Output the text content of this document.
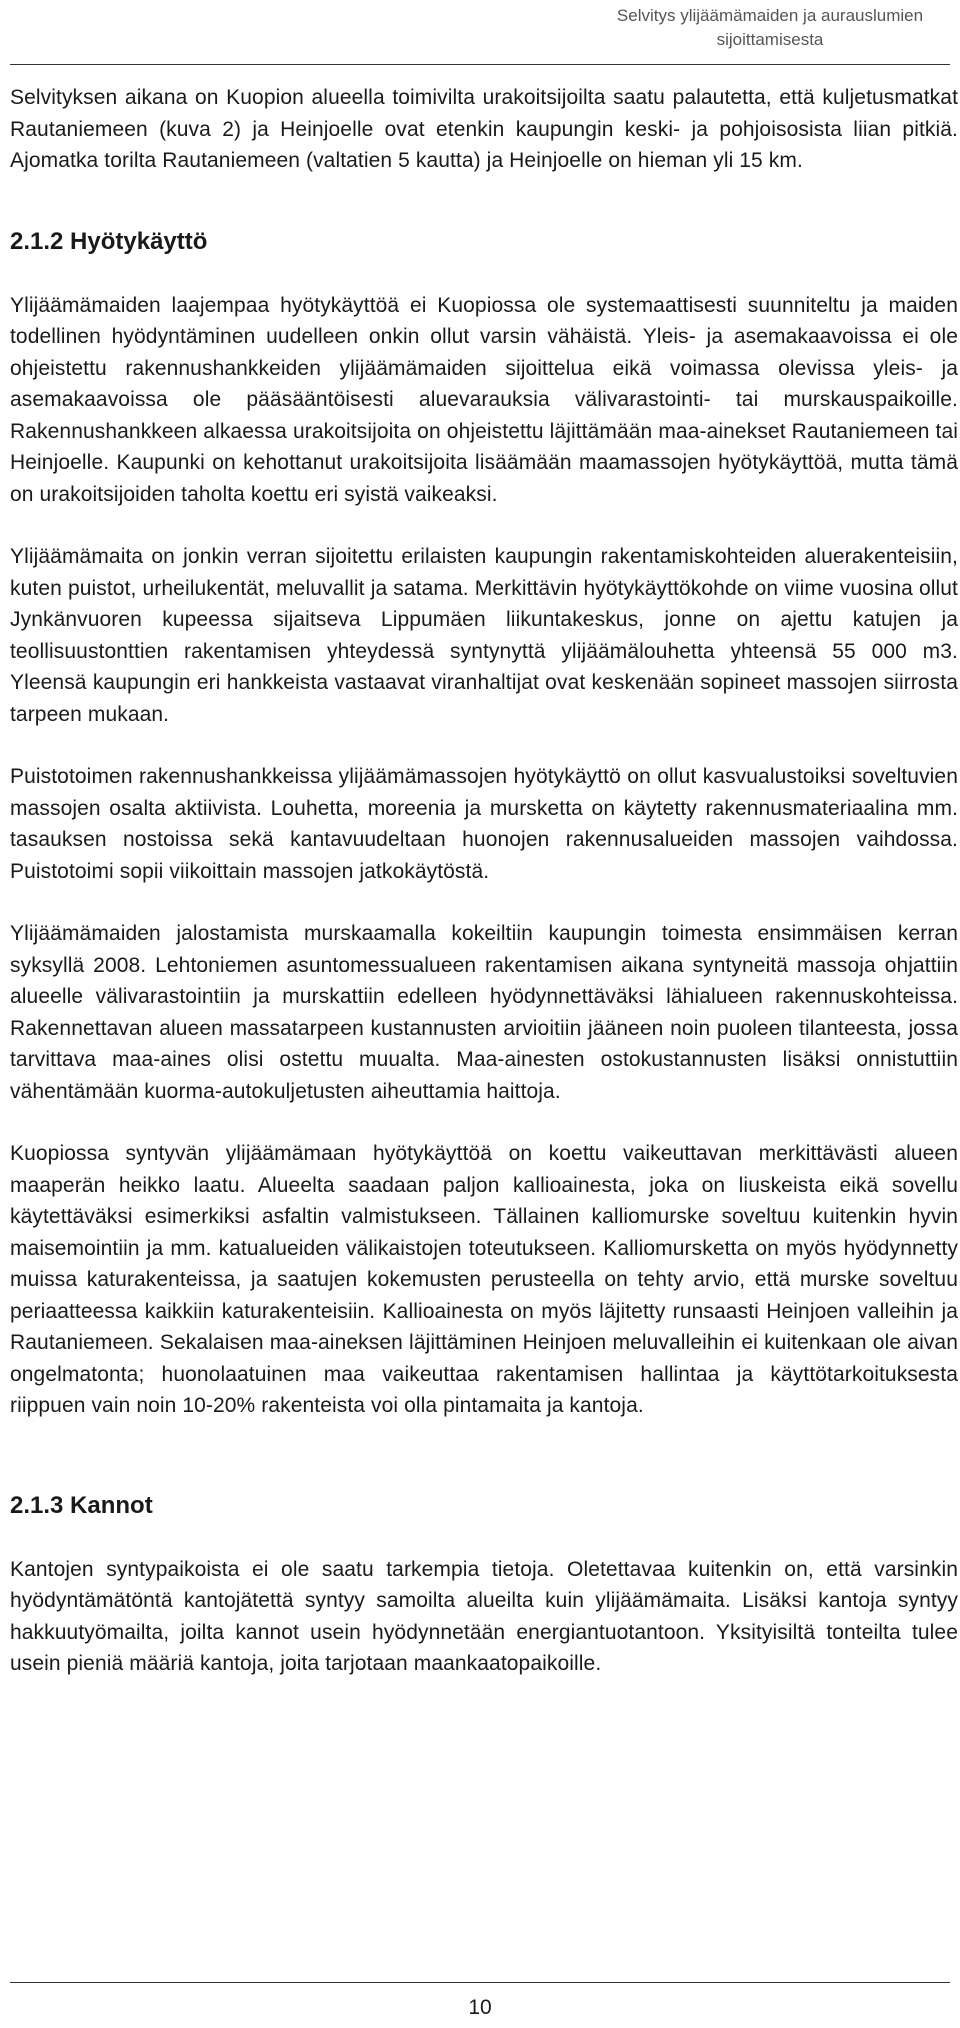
Selvitys ylijäämämaiden ja aurauslumien
sijoittamisesta

Selvityksen aikana on Kuopion alueella toimivilta urakoitsijoilta saatu palautetta, että kuljetusmatkat Rautaniemeen (kuva 2) ja Heinjoelle ovat etenkin kaupungin keski- ja pohjoisosista liian pitkiä. Ajomatka torilta Rautaniemeen (valtatien 5 kautta) ja Heinjoelle on hieman yli 15 km.

2.1.2 Hyötykäyttö

Ylijäämämaiden laajempaa hyötykäyttöä ei Kuopiossa ole systemaattisesti suunniteltu ja maiden todellinen hyödyntäminen uudelleen onkin ollut varsin vähäistä. Yleis- ja asemakaavoissa ei ole ohjeistettu rakennushankkeiden ylijäämämaiden sijoittelua eikä voimassa olevissa yleis- ja asemakaavoissa ole pääsääntöisesti aluevarauksia välivarastointi- tai murskauspaikoille. Rakennushankkeen alkaessa urakoitsijoita on ohjeistettu läjittämään maa-ainekset Rautaniemeen tai Heinjoelle. Kaupunki on kehottanut urakoitsijoita lisäämään maamassojen hyötykäyttöä, mutta tämä on urakoitsijoiden taholta koettu eri syistä vaikeaksi.

Ylijäämämaita on jonkin verran sijoitettu erilaisten kaupungin rakentamiskohteiden aluerakenteisiin, kuten puistot, urheilukentät, meluvallit ja satama. Merkittävin hyötykäyttökohde on viime vuosina ollut Jynkänvuoren kupeessa sijaitseva Lippumäen liikuntakeskus, jonne on ajettu katujen ja teollisuustonttien rakentamisen yhteydessä syntynyttä ylijäämälouhetta yhteensä 55 000 m3. Yleensä kaupungin eri hankkeista vastaavat viranhaltijat ovat keskenään sopineet massojen siirrosta tarpeen mukaan.

Puistotoimen rakennushankkeissa ylijäämämassojen hyötykäyttö on ollut kasvualustoiksi soveltuvien massojen osalta aktiivista. Louhetta, moreenia ja mursketta on käytetty rakennusmateriaalina mm. tasauksen nostoissa sekä kantavuudeltaan huonojen rakennusalueiden massojen vaihdossa. Puistotoimi sopii viikoittain massojen jatkokäytöstä.

Ylijäämämaiden jalostamista murskaamalla kokeiltiin kaupungin toimesta ensimmäisen kerran syksyllä 2008. Lehtoniemen asuntomessualueen rakentamisen aikana syntyneitä massoja ohjattiin alueelle välivarastointiin ja murskattiin edelleen hyödynnettäväksi lähialueen rakennuskohteissa. Rakennettavan alueen massatarpeen kustannusten arvioitiin jääneen noin puoleen tilanteesta, jossa tarvittava maa-aines olisi ostettu muualta. Maa-ainesten ostokustannusten lisäksi onnistuttiin vähentämään kuorma-autokuljetusten aiheuttamia haittoja.

Kuopiossa syntyvän ylijäämämaan hyötykäyttöä on koettu vaikeuttavan merkittävästi alueen maaperän heikko laatu. Alueelta saadaan paljon kallioainesta, joka on liuskeista eikä sovellu käytettäväksi esimerkiksi asfaltin valmistukseen. Tällainen kalliomurske soveltuu kuitenkin hyvin maisemointiin ja mm. katualueiden välikaistojen toteutukseen. Kalliomursketta on myös hyödynnetty muissa katurakenteissa, ja saatujen kokemusten perusteella on tehty arvio, että murske soveltuu periaatteessa kaikkiin katurakenteisiin. Kallioainesta on myös läjitetty runsaasti Heinjoen valleihin ja Rautaniemeen. Sekalaisen maa-aineksen läjittäminen Heinjoen meluvalleihin ei kuitenkaan ole aivan ongelmatonta; huonolaatuinen maa vaikeuttaa rakentamisen hallintaa ja käyttötarkoituksesta riippuen vain noin 10-20% rakenteista voi olla pintamaita ja kantoja.

2.1.3 Kannot

Kantojen syntypaikoista ei ole saatu tarkempia tietoja. Oletettavaa kuitenkin on, että varsinkin hyödyntämätöntä kantojätettä syntyy samoilta alueilta kuin ylijäämämaita. Lisäksi kantoja syntyy hakkuutyömailta, joilta kannot usein hyödynnetään energiantuotantoon. Yksityisiltä tonteilta tulee usein pieniä määriä kantoja, joita tarjotaan maankaatopaikoille.

10
